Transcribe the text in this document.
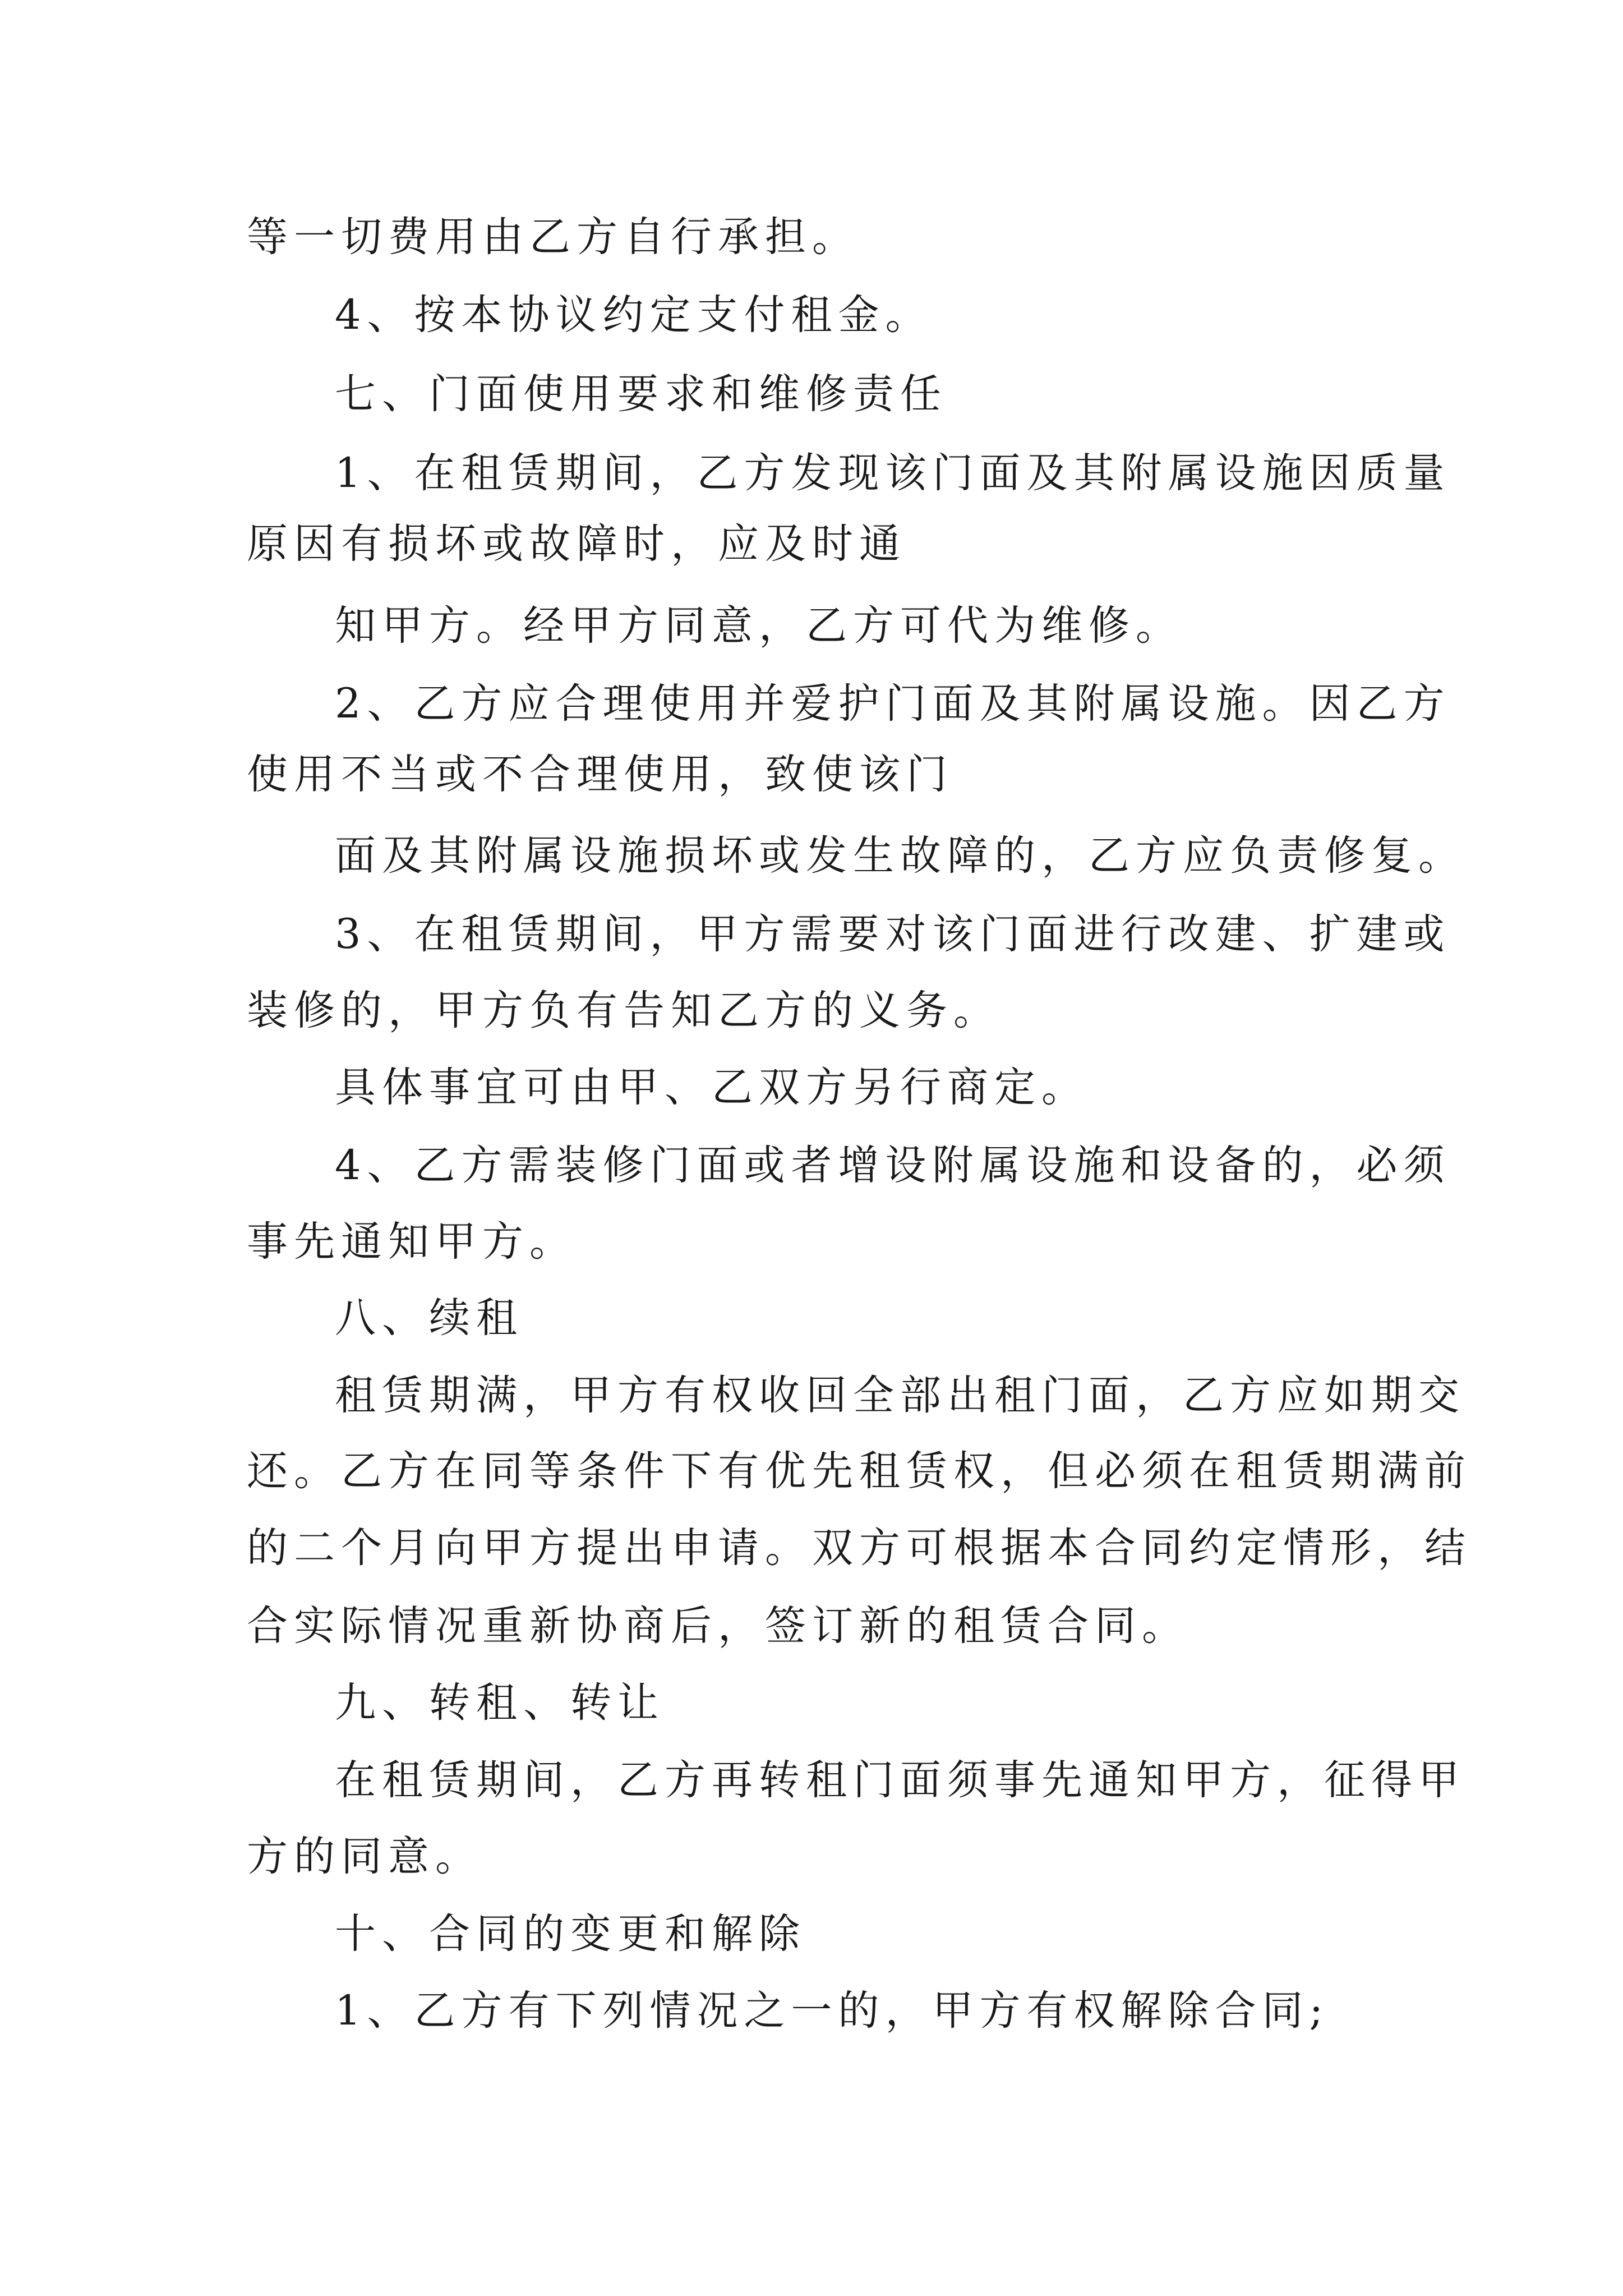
等一切费用由乙方自行承担。
4、按本协议约定支付租金。
七、门面使用要求和维修责任
1、在租赁期间，乙方发现该门面及其附属设施因质量
原因有损坏或故障时，应及时通
知甲方。经甲方同意，乙方可代为维修。
2、乙方应合理使用并爱护门面及其附属设施。因乙方
使用不当或不合理使用，致使该门
面及其附属设施损坏或发生故障的，乙方应负责修复。
3、在租赁期间，甲方需要对该门面进行改建、扩建或
装修的，甲方负有告知乙方的义务。
具体事宜可由甲、乙双方另行商定。
4、乙方需装修门面或者增设附属设施和设备的，必须
事先通知甲方。
八、续租
租赁期满，甲方有权收回全部出租门面，乙方应如期交
还。乙方在同等条件下有优先租赁权，但必须在租赁期满前
的二个月向甲方提出申请。双方可根据本合同约定情形，结
合实际情况重新协商后，签订新的租赁合同。
九、转租、转让
在租赁期间，乙方再转租门面须事先通知甲方，征得甲
方的同意。
十、合同的变更和解除
1、乙方有下列情况之一的，甲方有权解除合同;
